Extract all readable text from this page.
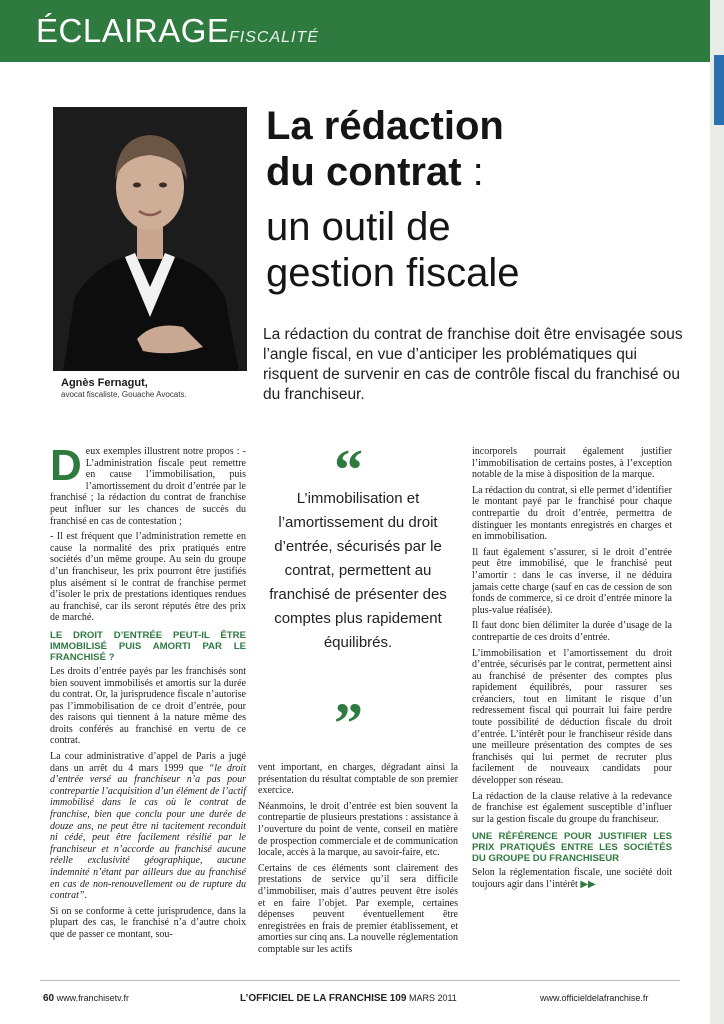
ÉCLAIRAGE FISCALITÉ
Agnès Fernagut,
avocat fiscaliste, Gouache Avocats.
La rédaction
du contrat :
un outil de
gestion fiscale
La rédaction du contrat de franchise doit être envisagée sous l’angle fiscal, en vue d’anticiper les problématiques qui risquent de survenir en cas de contrôle fiscal du franchisé ou du franchiseur.

Deux exemples illustrent notre propos : - L’administration fiscale peut remettre en cause l’immobilisation, puis l’amortissement du droit d’entrée par le franchisé ; la rédaction du contrat de franchise peut influer sur les chances de succès du franchisé en cas de contestation ;

- Il est fréquent que l’administration remette en cause la normalité des prix pratiqués entre sociétés d’un même groupe. Au sein du groupe d’un franchiseur, les prix pourront être justifiés plus aisément si le contrat de franchise permet d’isoler le prix de prestations identiques rendues au franchisé, car ils seront réputés être des prix de marché.

LE DROIT D’ENTRÉE PEUT-IL ÊTRE IMMOBILISÉ PUIS AMORTI PAR LE FRANCHISÉ ?

Les droits d’entrée payés par les franchisés sont bien souvent immobilisés et amortis sur la durée du contrat. Or, la jurisprudence fiscale n’autorise pas l’immobilisation de ce droit d’entrée, pour des raisons qui tiennent à la nature même des droits conférés au franchisé en vertu de ce contrat.

La cour administrative d’appel de Paris a jugé dans un arrêt du 4 mars 1999 que “le droit d’entrée versé au franchiseur n’a pas pour contrepartie l’acquisition d’un élément de l’actif immobilisé dans le cas où le contrat de franchise, bien que conclu pour une durée de douze ans, ne peut être ni tacitement reconduit ni cédé, peut être facilement résilié par le franchiseur et n’accorde au franchisé aucune réelle exclusivité géographique, aucune indemnité n’étant par ailleurs due au franchisé en cas de non-renouvellement ou de rupture du contrat”.

Si on se conforme à cette jurisprudence, dans la plupart des cas, le franchisé n’a d’autre choix que de passer ce montant, sou-

“
L’immobilisation et l’amortissement du droit d’entrée, sécurisés par le contrat, permettent au franchisé de présenter des comptes plus rapidement équilibrés.
”

vent important, en charges, dégradant ainsi la présentation du résultat comptable de son premier exercice.

Néanmoins, le droit d’entrée est bien souvent la contrepartie de plusieurs prestations : assistance à l’ouverture du point de vente, conseil en matière de prospection commerciale et de communication locale, accès à la marque, au savoir-faire, etc.

Certains de ces éléments sont clairement des prestations de service qu’il sera difficile d’immobiliser, mais d’autres peuvent être isolés et en faire l’objet. Par exemple, certaines dépenses peuvent éventuellement être enregistrées en frais de premier établissement, et amorties sur cinq ans. La nouvelle réglementation comptable sur les actifs

incorporels pourrait également justifier l’immobilisation de certains postes, à l’exception notable de la mise à disposition de la marque.

La rédaction du contrat, si elle permet d’identifier le montant payé par le franchisé pour chaque contrepartie du droit d’entrée, permettra de distinguer les montants enregistrés en charges et en immobilisation.

Il faut également s’assurer, si le droit d’entrée peut être immobilisé, que le franchisé peut l’amortir : dans le cas inverse, il ne déduira jamais cette charge (sauf en cas de cession de son fonds de commerce, si ce droit d’entrée minore la plus-value réalisée).

Il faut donc bien délimiter la durée d’usage de la contrepartie de ces droits d’entrée.

L’immobilisation et l’amortissement du droit d’entrée, sécurisés par le contrat, permettent ainsi au franchisé de présenter des comptes plus rapidement équilibrés, pour rassurer ses créanciers, tout en limitant le risque d’un redressement fiscal qui pourrait lui faire perdre toute possibilité de déduction fiscale du droit d’entrée. L’intérêt pour le franchiseur réside dans une meilleure présentation des comptes de ses franchisés qui lui permet de recruter plus facilement de nouveaux candidats pour développer son réseau.

La rédaction de la clause relative à la redevance de franchise est également susceptible d’influer sur la gestion fiscale du groupe du franchiseur.

UNE RÉFÉRENCE POUR JUSTIFIER LES PRIX PRATIQUÉS ENTRE LES SOCIÉTÉS DU GROUPE DU FRANCHISEUR

Selon la réglementation fiscale, une société doit toujours agir dans l’intérêt ▶▶

60 www.franchisetv.fr	L’OFFICIEL DE LA FRANCHISE 109 MARS 2011	www.officieldelafranchise.fr
